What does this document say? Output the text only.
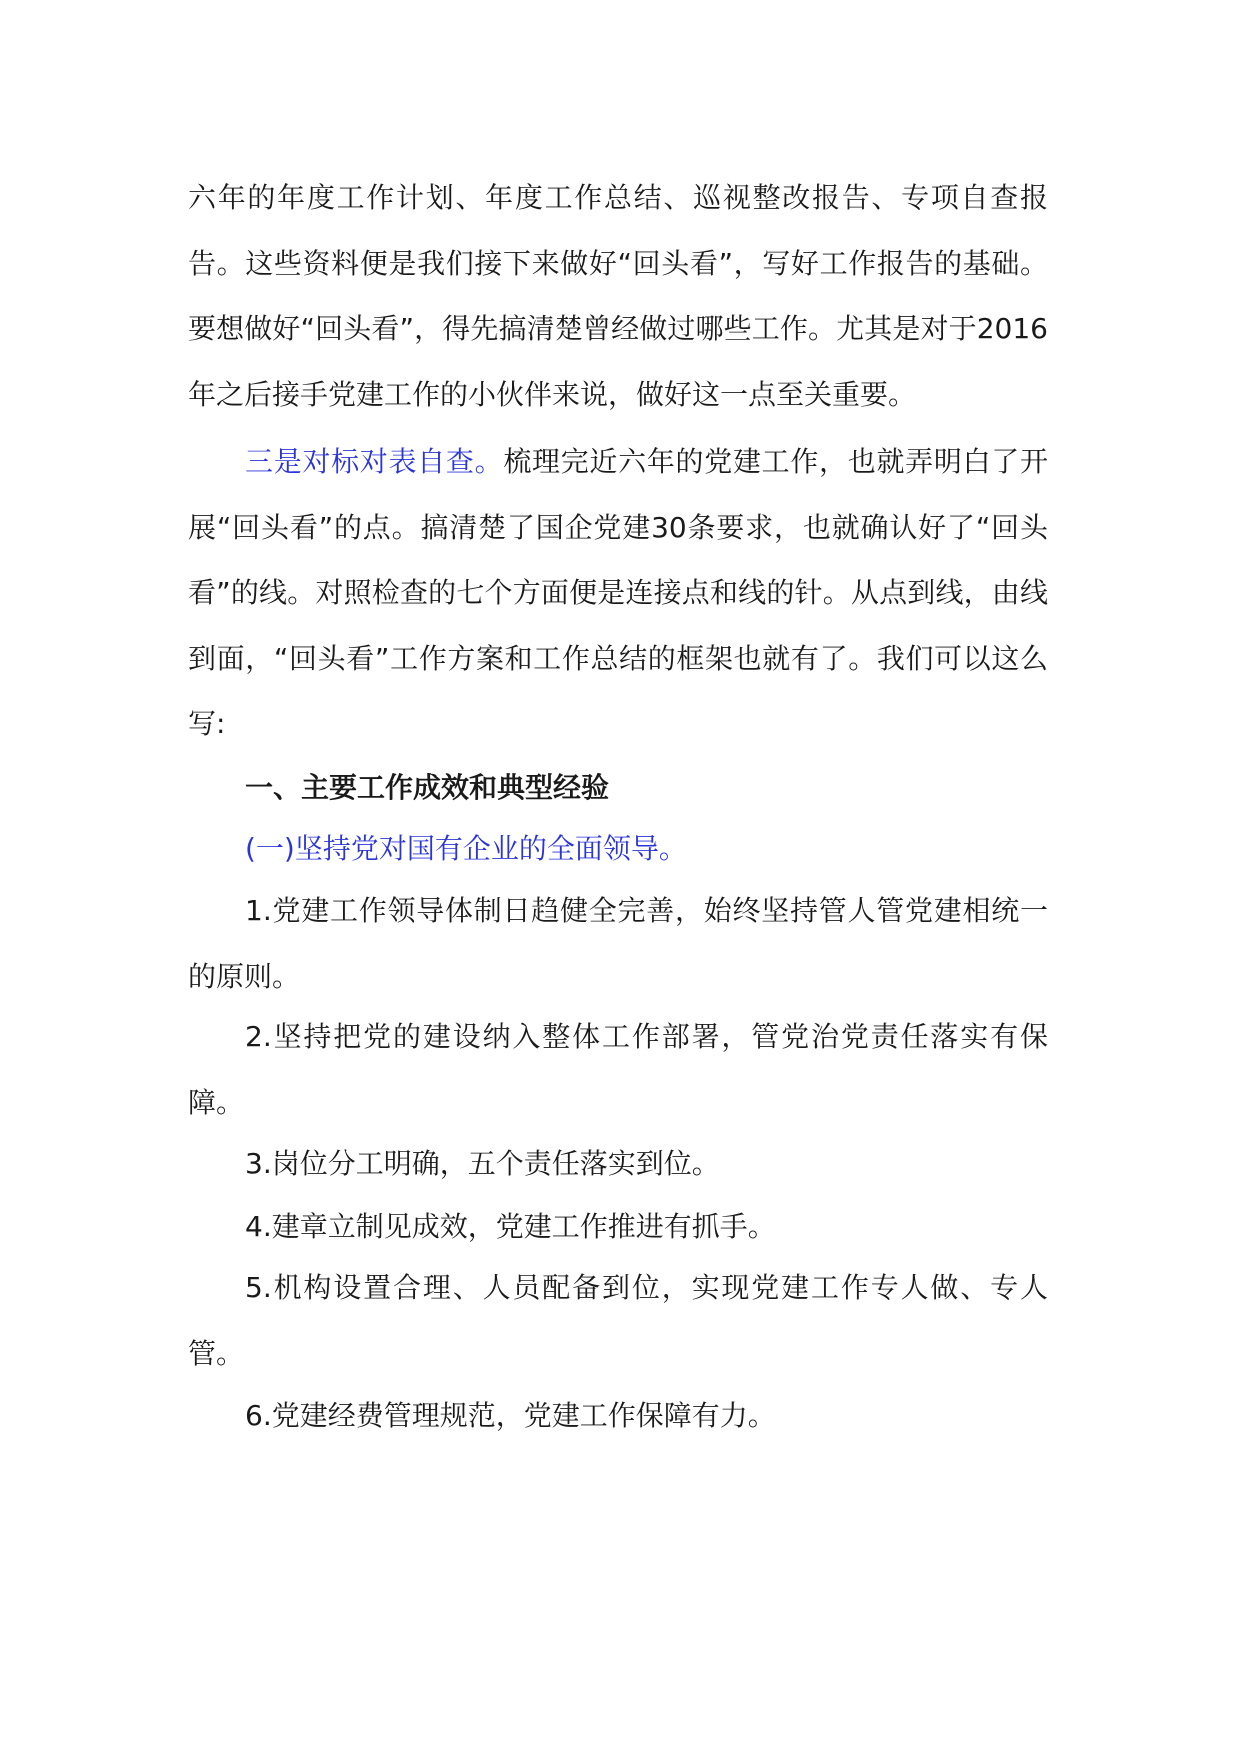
六年的年度工作计划、年度工作总结、巡视整改报告、专项自查报告。这些资料便是我们接下来做好“回头看”，写好工作报告的基础。要想做好“回头看”，得先搞清楚曾经做过哪些工作。尤其是对于2016年之后接手党建工作的小伙伴来说，做好这一点至关重要。

三是对标对表自查。梳理完近六年的党建工作，也就弄明白了开展“回头看”的点。搞清楚了国企党建30条要求，也就确认好了“回头看”的线。对照检查的七个方面便是连接点和线的针。从点到线，由线到面，“回头看”工作方案和工作总结的框架也就有了。我们可以这么写:

一、主要工作成效和典型经验

(一)坚持党对国有企业的全面领导。

1.党建工作领导体制日趋健全完善，始终坚持管人管党建相统一的原则。

2.坚持把党的建设纳入整体工作部署，管党治党责任落实有保障。

3.岗位分工明确，五个责任落实到位。

4.建章立制见成效，党建工作推进有抓手。

5.机构设置合理、人员配备到位，实现党建工作专人做、专人管。

6.党建经费管理规范，党建工作保障有力。
